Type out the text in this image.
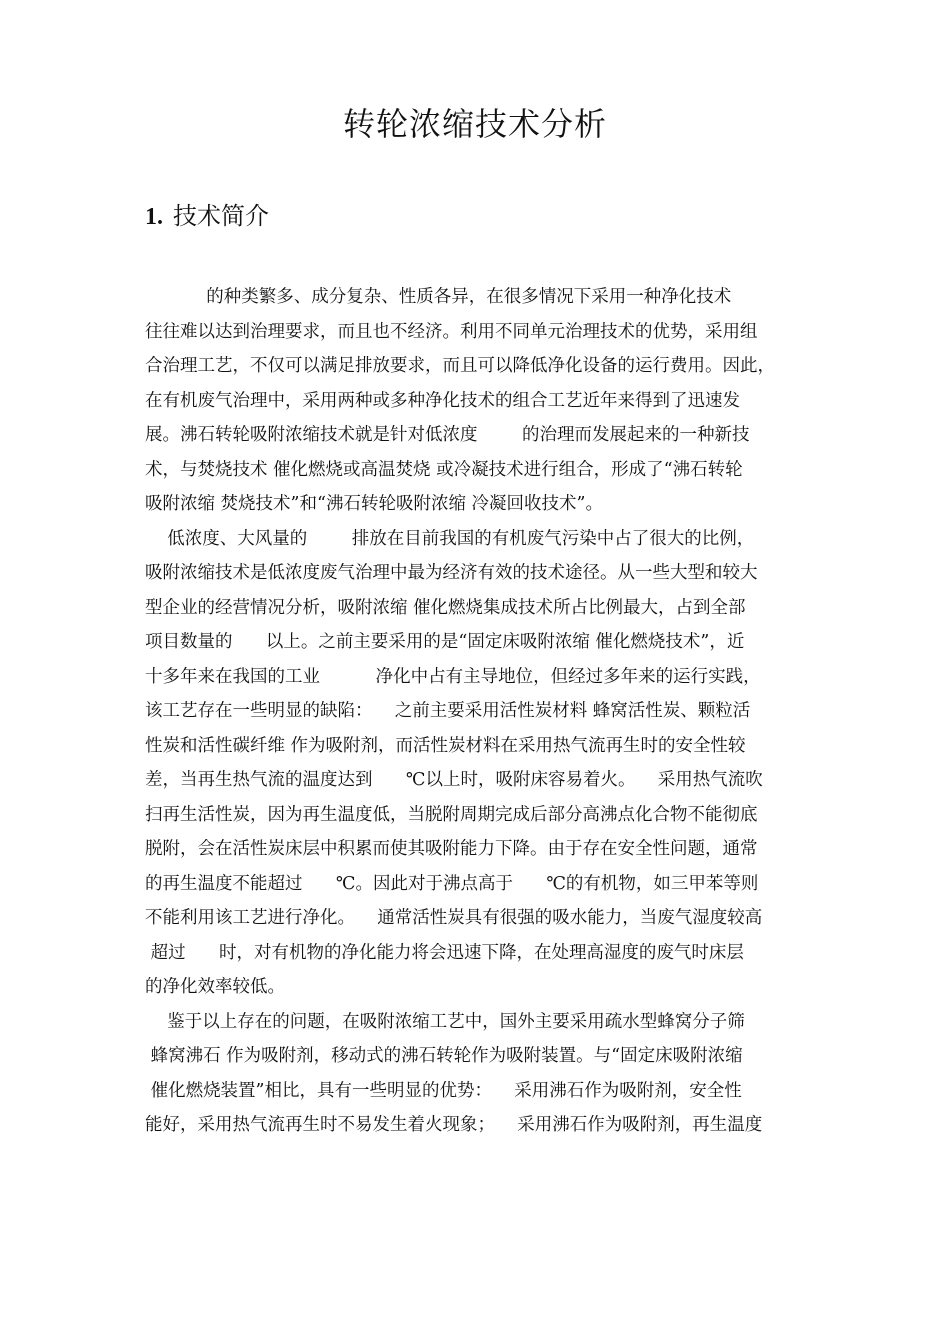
转轮浓缩技术分析
1. 技术简介

的种类繁多、成分复杂、性质各异，在很多情况下采用一种净化技术

往往难以达到治理要求，而且也不经济。利用不同单元治理技术的优势，采用组

合治理工艺，不仅可以满足排放要求，而且可以降低净化设备的运行费用。因此，

在有机废气治理中，采用两种或多种净化技术的组合工艺近年来得到了迅速发

展。沸石转轮吸附浓缩技术就是针对低浓度        的治理而发展起来的一种新技

术，与焚烧技术 催化燃烧或高温焚烧 或冷凝技术进行组合，形成了“沸石转轮

吸附浓缩 焚烧技术”和“沸石转轮吸附浓缩 冷凝回收技术”。

低浓度、大风量的        排放在目前我国的有机废气污染中占了很大的比例，

吸附浓缩技术是低浓度废气治理中最为经济有效的技术途径。从一些大型和较大

型企业的经营情况分析，吸附浓缩 催化燃烧集成技术所占比例最大，占到全部

项目数量的      以上。之前主要采用的是“固定床吸附浓缩 催化燃烧技术”，近

十多年来在我国的工业          净化中占有主导地位，但经过多年来的运行实践，

该工艺存在一些明显的缺陷：    之前主要采用活性炭材料 蜂窝活性炭、颗粒活

性炭和活性碳纤维 作为吸附剂，而活性炭材料在采用热气流再生时的安全性较

差，当再生热气流的温度达到      ℃以上时，吸附床容易着火。    采用热气流吹

扫再生活性炭，因为再生温度低，当脱附周期完成后部分高沸点化合物不能彻底

脱附，会在活性炭床层中积累而使其吸附能力下降。由于存在安全性问题，通常

的再生温度不能超过      ℃。因此对于沸点高于      ℃的有机物，如三甲苯等则

不能利用该工艺进行净化。    通常活性炭具有很强的吸水能力，当废气湿度较高

超过      时，对有机物的净化能力将会迅速下降，在处理高湿度的废气时床层

的净化效率较低。

鉴于以上存在的问题，在吸附浓缩工艺中，国外主要采用疏水型蜂窝分子筛

蜂窝沸石 作为吸附剂，移动式的沸石转轮作为吸附装置。与“固定床吸附浓缩

催化燃烧装置”相比，具有一些明显的优势：    采用沸石作为吸附剂，安全性

能好，采用热气流再生时不易发生着火现象；    采用沸石作为吸附剂，再生温度
